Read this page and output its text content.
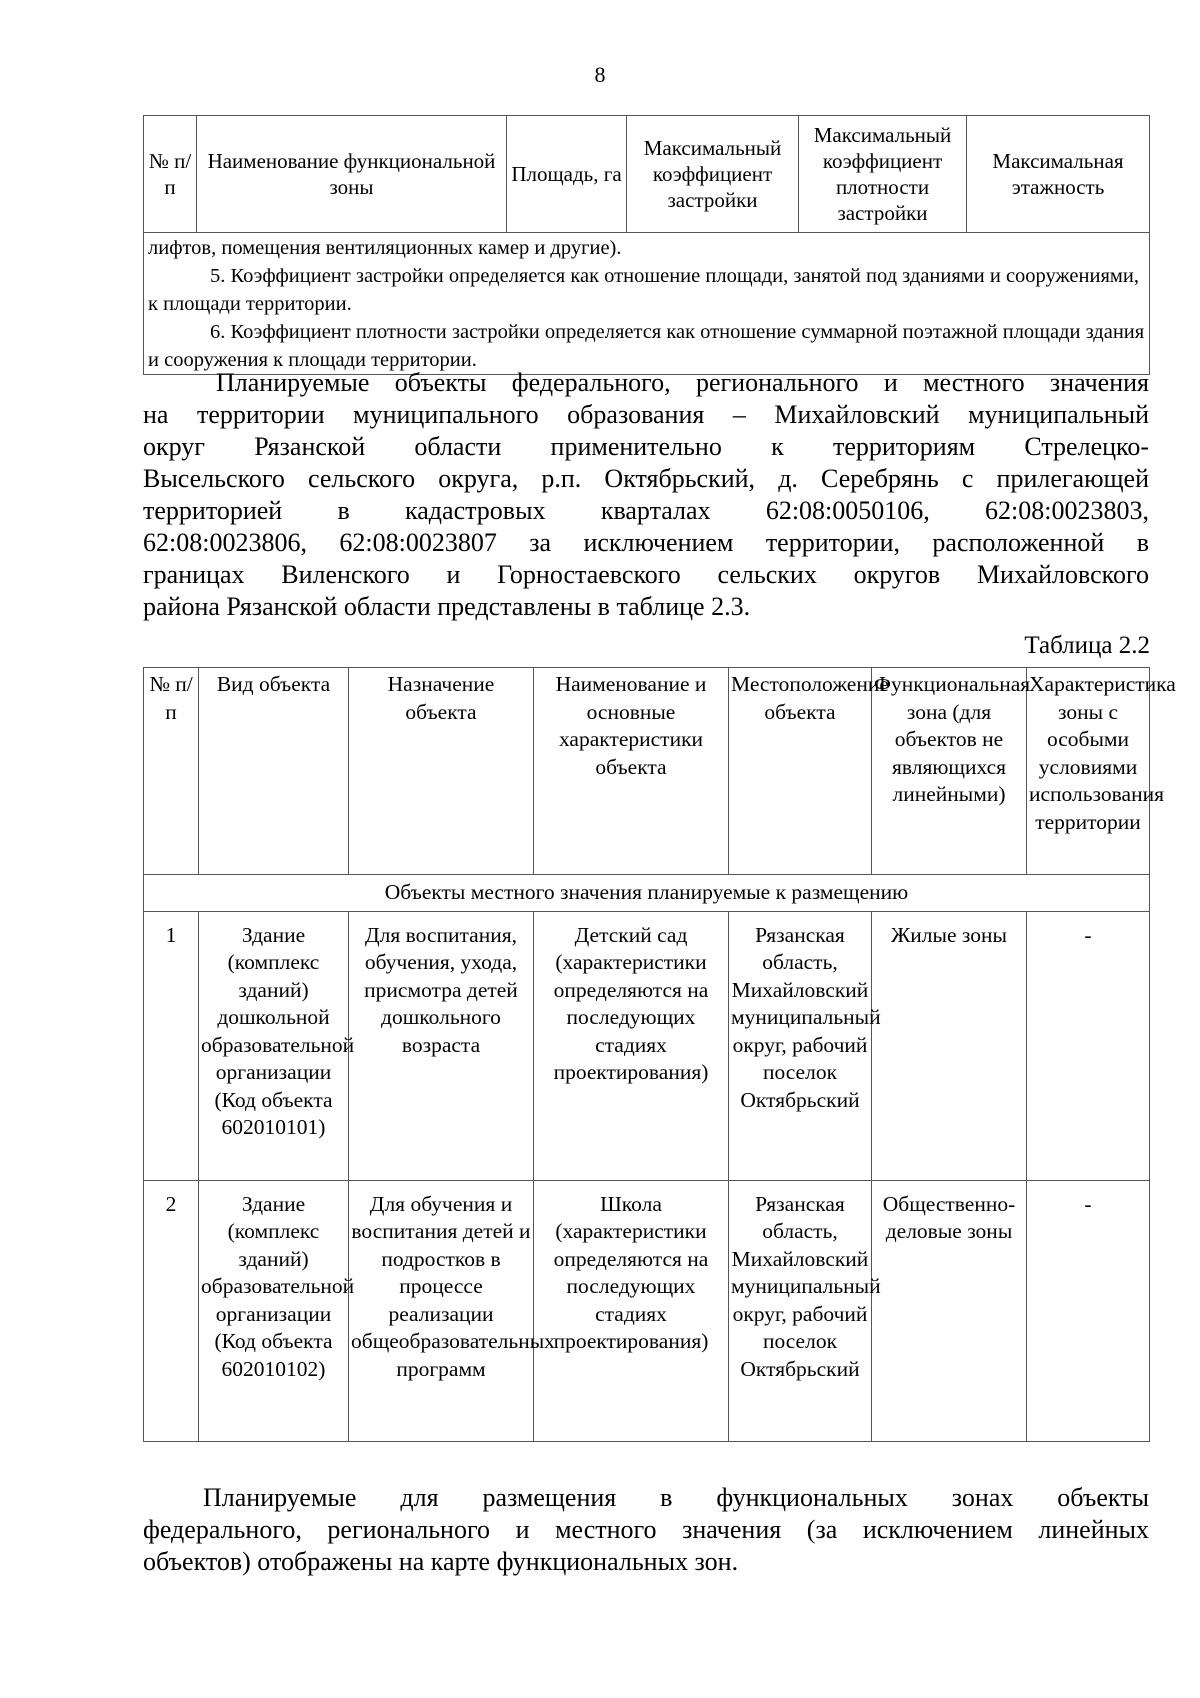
8
№ п/п	Наименование функциональной зоны	Площадь, га	Максимальный коэффициент застройки	Максимальный коэффициент плотности застройки	Максимальная этажность

лифтов, помещения вентиляционных камер и другие).

5. Коэффициент застройки определяется как отношение площади, занятой под зданиями и сооружениями, к площади территории.

6. Коэффициент плотности застройки определяется как отношение суммарной поэтажной площади здания и сооружения к площади территории.

Планируемые объекты федерального, регионального и местного значения
на территории муниципального образования – Михайловский муниципальный
округ Рязанской области применительно к территориям Стрелецко-
Высельского сельского округа, р.п. Октябрьский, д. Серебрянь с прилегающей
территорией в кадастровых кварталах 62:08:0050106, 62:08:0023803,
62:08:0023806, 62:08:0023807 за исключением территории, расположенной в
границах Виленского и Горностаевского сельских округов Михайловского
района Рязанской области представлены в таблице 2.3.

Таблица 2.2
№ п/п	Вид объекта	Назначение объекта	Наименование и основные характеристики объекта	Местоположение объекта	Функциональная зона (для объектов не являющихся линейными)	Характеристика зоны с особыми условиями использования территории
Объекты местного значения планируемые к размещению						
1	Здание (комплекс зданий) дошкольной образовательной организации (Код объекта 602010101)	Для воспитания, обучения, ухода, присмотра детей дошкольного возраста	Детский сад (характеристики определяются на последующих стадиях проектирования)	Рязанская область, Михайловский муниципальный округ, рабочий поселок Октябрьский	Жилые зоны	-
2	Здание (комплекс зданий) образовательной организации (Код объекта 602010102)	Для обучения и воспитания детей и подростков в процессе реализации общеобразовательных программ	Школа (характеристики определяются на последующих стадиях проектирования)	Рязанская область, Михайловский муниципальный округ, рабочий поселок Октябрьский	Общественно-деловые зоны	-

Планируемые для размещения в функциональных зонах объекты
федерального, регионального и местного значения (за исключением линейных
объектов) отображены на карте функциональных зон.
